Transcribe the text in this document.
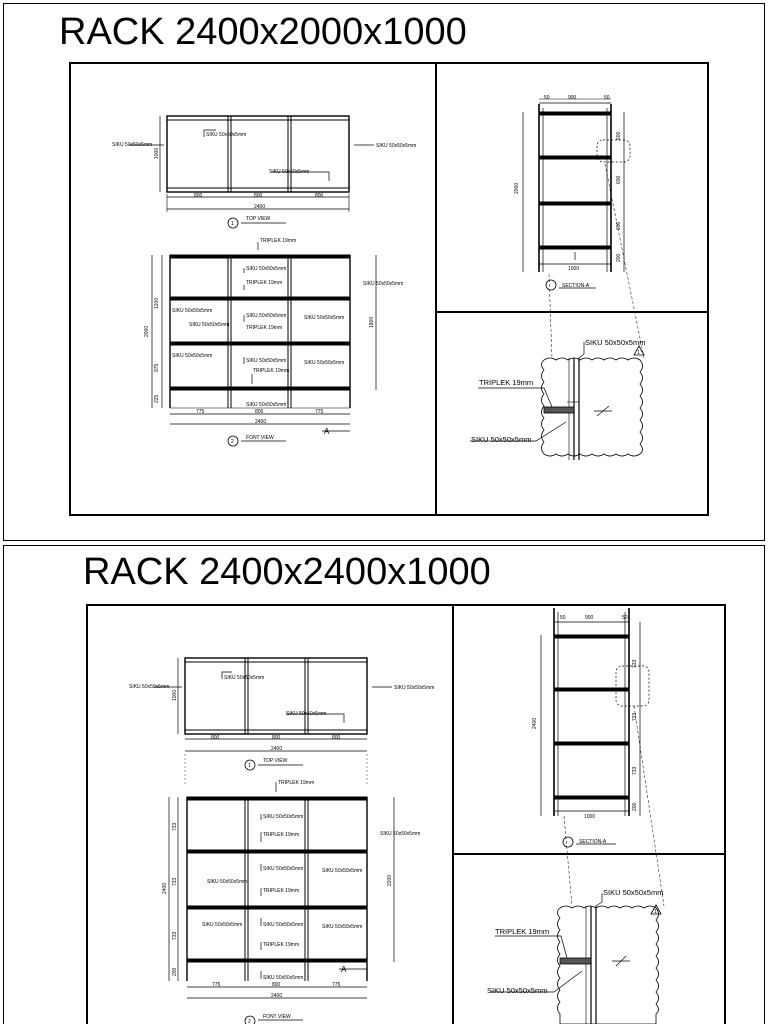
RACK 2400x2000x1000
SIKU 50x50x5mm	SIKU 50x50x5mm
SIKU 50x50x5mm
SIKU 50x50x5mm
1000
800	800	800
2400
1
TOP VIEW
TRIPLEK 19mm
SIKU 50x50x5mm
TRIPLEK 19mm	SIKU 50x50x5mm
SIKU 50x50x5mm
SIKU 50x50x5mm
SIKU 50x50x5mm	SIKU 50x50x5mm
TRIPLEK 19mm
SIKU 50x50x5mm
SIKU 50x50x5mm	SIKU 50x50x5mm
TRIPLEK 19mm
SIKU 50x50x5mm
1200
975
225
2000
1800
775	800	775
2400
2
FONT VIEW
A
50	900	50
2000
600
600
600
200
1000
SECTION-A
SIKU 50x50x5mm
TRIPLEK 19mm
SIKU 50x50x5mm
1
RACK 2400x2400x1000
SIKU 50x50x5mm	SIKU 50x50x5mm
SIKU 50x50x5mm
SIKU 50x50x5mm
1000
800	800	800
2400
1
TOP VIEW
TRIPLEK 19mm
SIKU 50x50x5mm
SIKU 50x50x5mm
TRIPLEK 19mm
SIKU 50x50x5mm	SIKU 50x50x5mm
SIKU 50x50x5mm
TRIPLEK 19mm
SIKU 50x50x5mm	SIKU 50x50x5mm	SIKU 50x50x5mm
TRIPLEK 19mm
SIKU 50x50x5mm
733
733
733
200
2400
2200
775	800	775
2400
2
FONT VIEW
A
50	900	50
2400
733
733
733
200
1000
SECTION-A
SIKU 50x50x5mm
TRIPLEK 19mm
SIKU 50x50x5mm
1
